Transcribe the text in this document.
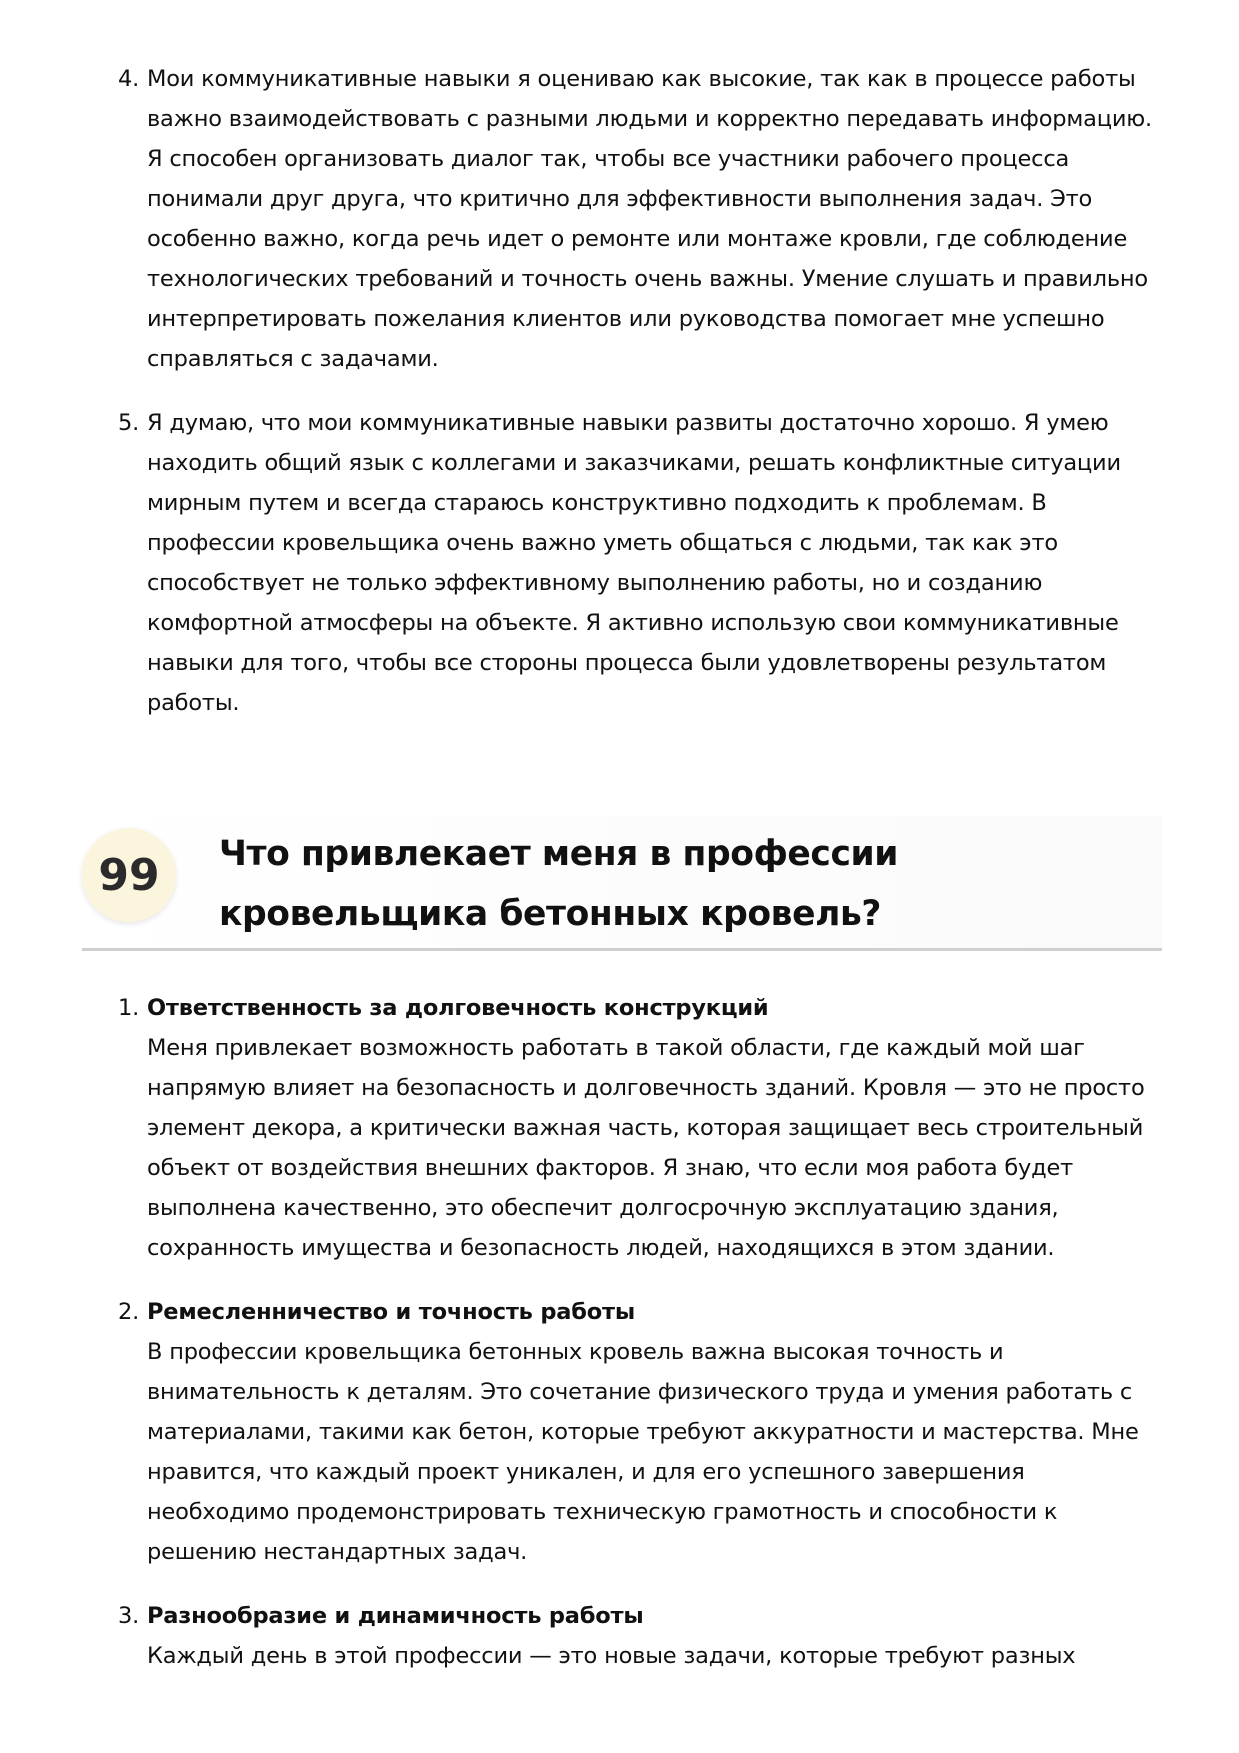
4. Мои коммуникативные навыки я оцениваю как высокие, так как в процессе работы важно взаимодействовать с разными людьми и корректно передавать информацию. Я способен организовать диалог так, чтобы все участники рабочего процесса понимали друг друга, что критично для эффективности выполнения задач. Это особенно важно, когда речь идет о ремонте или монтаже кровли, где соблюдение технологических требований и точность очень важны. Умение слушать и правильно интерпретировать пожелания клиентов или руководства помогает мне успешно справляться с задачами.
5. Я думаю, что мои коммуникативные навыки развиты достаточно хорошо. Я умею находить общий язык с коллегами и заказчиками, решать конфликтные ситуации мирным путем и всегда стараюсь конструктивно подходить к проблемам. В профессии кровельщика очень важно уметь общаться с людьми, так как это способствует не только эффективному выполнению работы, но и созданию комфортной атмосферы на объекте. Я активно использую свои коммуникативные навыки для того, чтобы все стороны процесса были удовлетворены результатом работы.
99	Что привлекает меня в профессии кровельщика бетонных кровель?
1. Ответственность за долговечность конструкций
Меня привлекает возможность работать в такой области, где каждый мой шаг напрямую влияет на безопасность и долговечность зданий. Кровля — это не просто элемент декора, а критически важная часть, которая защищает весь строительный объект от воздействия внешних факторов. Я знаю, что если моя работа будет выполнена качественно, это обеспечит долгосрочную эксплуатацию здания, сохранность имущества и безопасность людей, находящихся в этом здании.
2. Ремесленничество и точность работы
В профессии кровельщика бетонных кровель важна высокая точность и внимательность к деталям. Это сочетание физического труда и умения работать с материалами, такими как бетон, которые требуют аккуратности и мастерства. Мне нравится, что каждый проект уникален, и для его успешного завершения необходимо продемонстрировать техническую грамотность и способности к решению нестандартных задач.
3. Разнообразие и динамичность работы
Каждый день в этой профессии — это новые задачи, которые требуют разных
